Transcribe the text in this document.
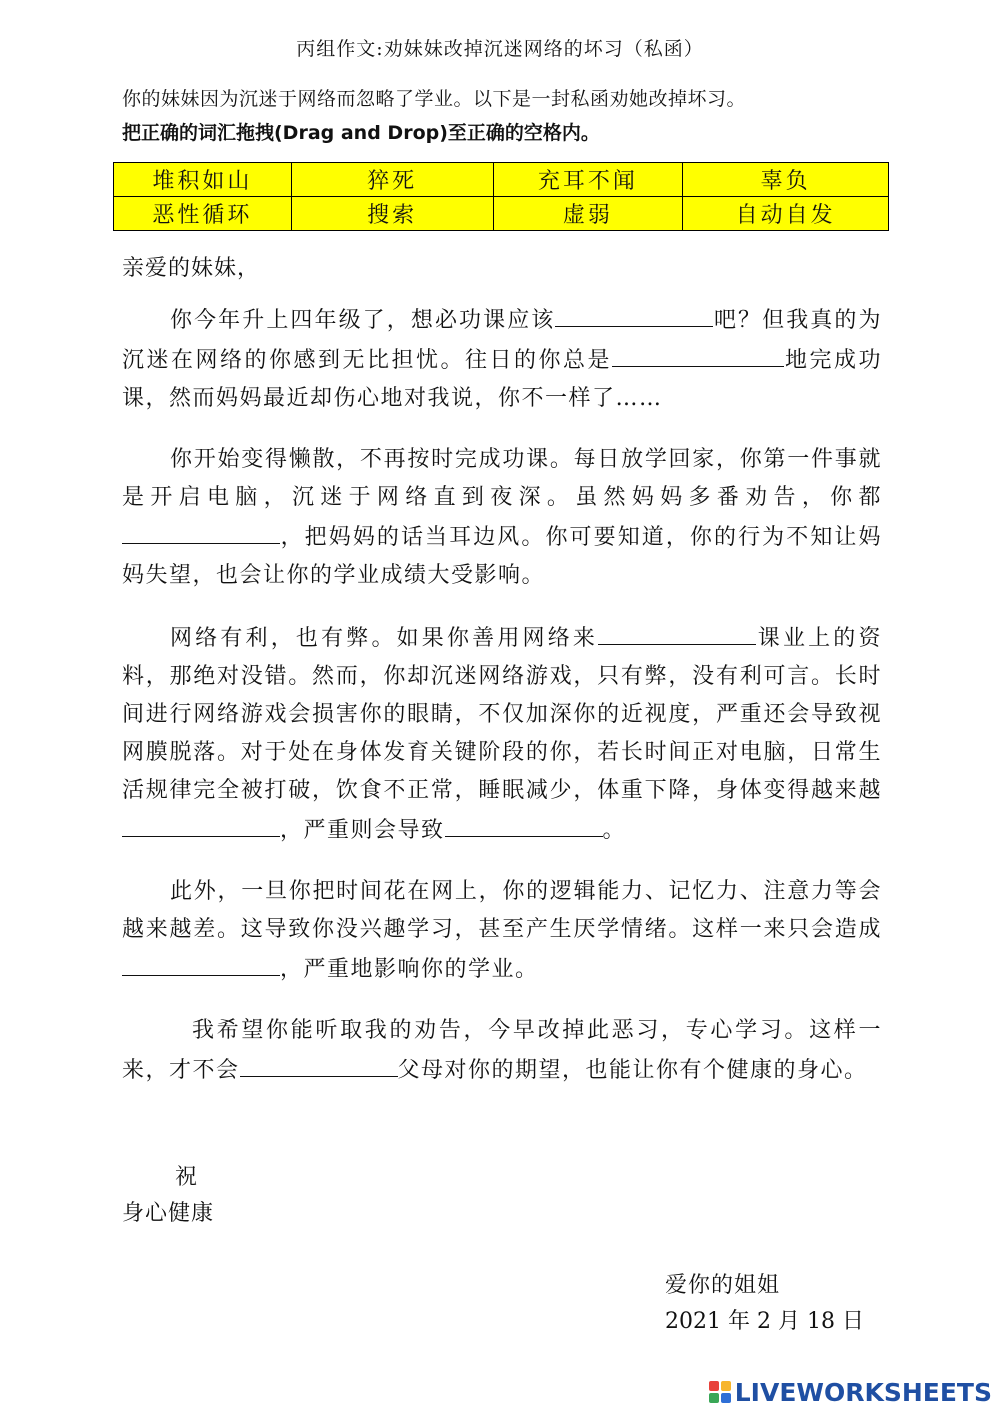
丙组作文:劝妹妹改掉沉迷网络的坏习（私函）
你的妹妹因为沉迷于网络而忽略了学业。以下是一封私函劝她改掉坏习。
把正确的词汇拖拽(Drag and Drop)至正确的空格内。
堆积如山	猝死	充耳不闻	辜负
恶性循环	搜索	虚弱	自动自发
亲爱的妹妹，

你今年升上四年级了，想必功课应该	吧？但我真的为沉迷在网络的你感到无比担忧。往日的你总是	地完成功课，然而妈妈最近却伤心地对我说，你不一样了……

你开始变得懒散，不再按时完成功课。每日放学回家，你第一件事就是开启电脑，沉迷于网络直到夜深。虽然妈妈多番劝告，你都，把妈妈的话当耳边风。你可要知道，你的行为不知让妈妈失望，也会让你的学业成绩大受影响。

网络有利，也有弊。如果你善用网络来	课业上的资料，那绝对没错。然而，你却沉迷网络游戏，只有弊，没有利可言。长时间进行网络游戏会损害你的眼睛，不仅加深你的近视度，严重还会导致视网膜脱落。对于处在身体发育关键阶段的你，若长时间正对电脑，日常生活规律完全被打破，饮食不正常，睡眠减少，体重下降，身体变得越来越，严重则会导致	。

此外，一旦你把时间花在网上，你的逻辑能力、记忆力、注意力等会越来越差。这导致你没兴趣学习，甚至产生厌学情绪。这样一来只会造成，严重地影响你的学业。

我希望你能听取我的劝告，今早改掉此恶习，专心学习。这样一来，才不会	父母对你的期望，也能让你有个健康的身心。

祝
身心健康
爱你的姐姐
2021 年 2 月 18 日
LIVEWORKSHEETS
